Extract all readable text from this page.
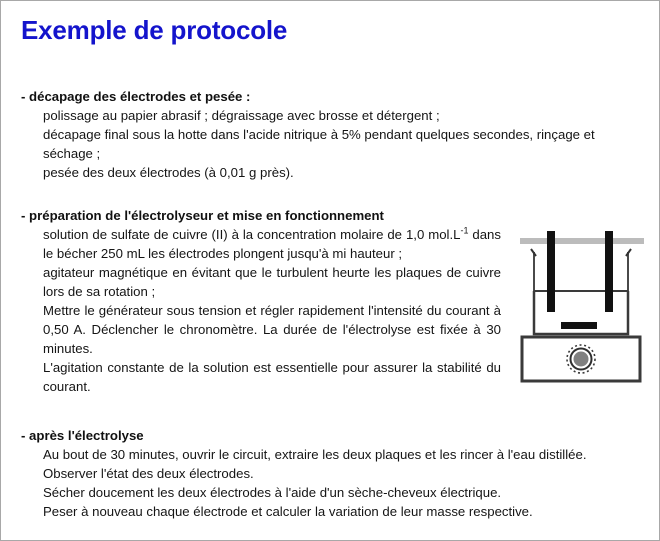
Exemple de protocole
- décapage des électrodes et pesée :

polissage au papier abrasif ; dégraissage avec brosse et détergent ;

décapage final sous la hotte dans l'acide nitrique à 5% pendant quelques secondes, rinçage et séchage ;

pesée des deux électrodes (à 0,01 g près).

- préparation de l'électrolyseur et mise en fonctionnement

solution de sulfate de cuivre (II) à la concentration molaire de 1,0 $mol.L^{-1}$ dans le bécher 250 mL les électrodes plongent jusqu'à mi hauteur ;

agitateur magnétique en évitant que le turbulent heurte les plaques de cuivre lors de sa rotation ;

Mettre le générateur sous tension et régler rapidement l'intensité du courant à 0,50 A. Déclencher le chronomètre. La durée de l'électrolyse est fixée à 30 minutes.

L'agitation constante de la solution est essentielle pour assurer la stabilité du courant.

- après l'électrolyse

Au bout de 30 minutes, ouvrir le circuit, extraire les deux plaques et les rincer à l'eau distillée.

Observer l'état des deux électrodes.

Sécher doucement les deux électrodes à l'aide d'un sèche-cheveux électrique.

Peser à nouveau chaque électrode et calculer la variation de leur masse respective.
